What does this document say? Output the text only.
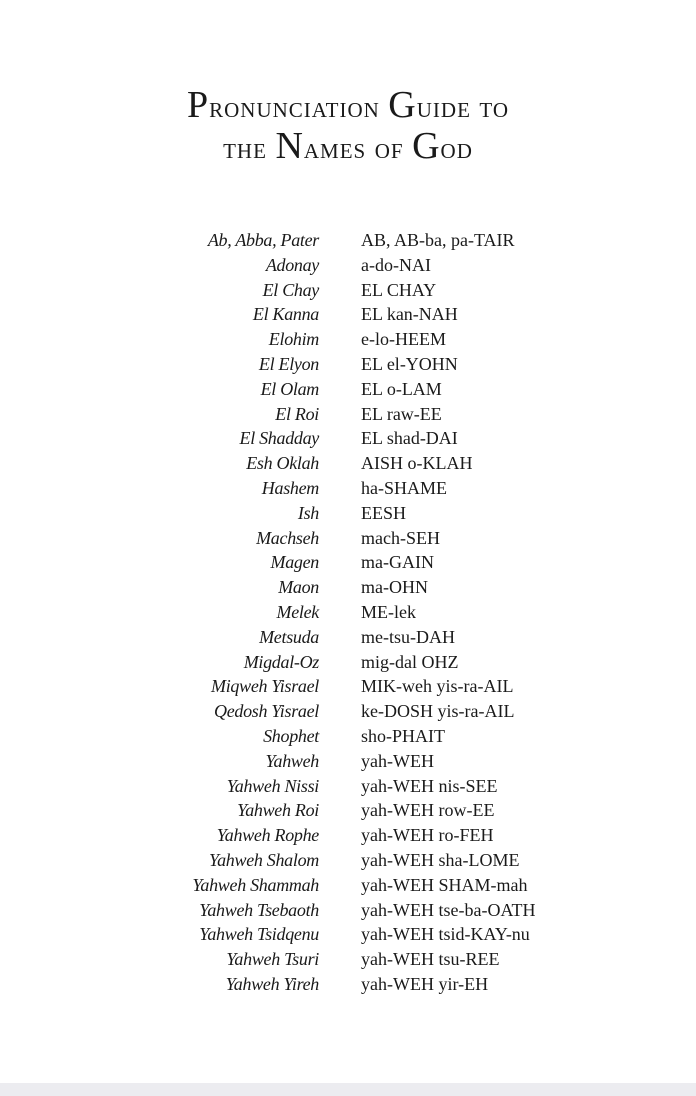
Pronunciation Guide to
the Names of God
Ab, Abba, Pater AB, AB-ba, pa-TAIR
Adonay a-do-NAI
El Chay EL CHAY
El Kanna EL kan-NAH
Elohim e-lo-HEEM
El Elyon EL el-YOHN
El Olam EL o-LAM
El Roi EL raw-EE
El Shadday EL shad-DAI
Esh Oklah AISH o-KLAH
Hashem ha-SHAME
Ish EESH
Machseh mach-SEH
Magen ma-GAIN
Maon ma-OHN
Melek ME-lek
Metsuda me-tsu-DAH
Migdal-Oz mig-dal OHZ
Miqweh Yisrael MIK-weh yis-ra-AIL
Qedosh Yisrael ke-DOSH yis-ra-AIL
Shophet sho-PHAIT
Yahweh yah-WEH
Yahweh Nissi yah-WEH nis-SEE
Yahweh Roi yah-WEH row-EE
Yahweh Rophe yah-WEH ro-FEH
Yahweh Shalom yah-WEH sha-LOME
Yahweh Shammah yah-WEH SHAM-mah
Yahweh Tsebaoth yah-WEH tse-ba-OATH
Yahweh Tsidqenu yah-WEH tsid-KAY-nu
Yahweh Tsuri yah-WEH tsu-REE
Yahweh Yireh yah-WEH yir-EH
